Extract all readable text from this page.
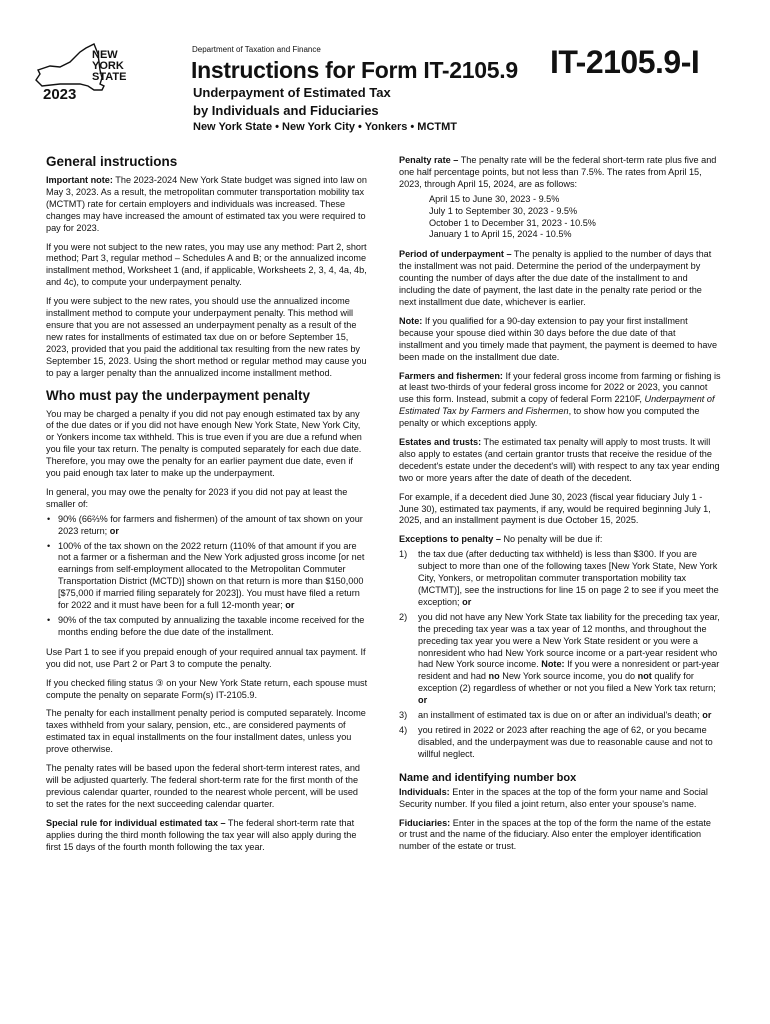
NEW
YORK
STATE
2023
Department of Taxation and Finance
Instructions for Form IT-2105.9 IT-2105.9-I
Underpayment of Estimated Tax
by Individuals and Fiduciaries
New York State • New York City • Yonkers • MCTMT
General instructions

Important note: The 2023-2024 New York State budget was signed into law on May 3, 2023. As a result, the metropolitan commuter transportation mobility tax (MCTMT) rate for certain employers and individuals was increased. These changes may have increased the amount of estimated tax you were required to pay for 2023.

If you were not subject to the new rates, you may use any method: Part 2, short method; Part 3, regular method – Schedules A and B; or the annualized income installment method, Worksheet 1 (and, if applicable, Worksheets 2, 3, 4, 4a, 4b, and 4c), to compute your underpayment penalty.

If you were subject to the new rates, you should use the annualized income installment method to compute your underpayment penalty. This method will ensure that you are not assessed an underpayment penalty as a result of the new rates for installments of estimated tax due on or before September 15, 2023, provided that you paid the additional tax resulting from the new rates by September 15, 2023. Using the short method or regular method may cause you to pay a larger penalty than the annualized income installment method.

Who must pay the underpayment penalty

You may be charged a penalty if you did not pay enough estimated tax by any of the due dates or if you did not have enough New York State, New York City, or Yonkers income tax withheld. This is true even if you are due a refund when you file your tax return. The penalty is computed separately for each due date. Therefore, you may owe the penalty for an earlier payment due date, even if you paid enough tax later to make up the underpayment.

In general, you may owe the penalty for 2023 if you did not pay at least the smaller of:

• 90% (66⅔% for farmers and fishermen) of the amount of tax shown on your 2023 return; or
• 100% of the tax shown on the 2022 return (110% of that amount if you are not a farmer or a fisherman and the New York adjusted gross income [or net earnings from self-employment allocated to the Metropolitan Commuter Transportation District (MCTD)] shown on that return is more than $150,000 [$75,000 if married filing separately for 2023]). You must have filed a return for 2022 and it must have been for a full 12-month year; or
• 90% of the tax computed by annualizing the taxable income received for the months ending before the due date of the installment.

Use Part 1 to see if you prepaid enough of your required annual tax payment. If you did not, use Part 2 or Part 3 to compute the penalty.

If you checked filing status ③ on your New York State return, each spouse must compute the penalty on separate Form(s) IT-2105.9.

The penalty for each installment penalty period is computed separately. Income taxes withheld from your salary, pension, etc., are considered payments of estimated tax in equal installments on the four installment dates, unless you prove otherwise.

The penalty rates will be based upon the federal short-term interest rates, and will be adjusted quarterly. The federal short-term rate for the first month of the previous calendar quarter, rounded to the nearest whole percent, will be used to set the rates for the next succeeding calendar quarter.

Special rule for individual estimated tax – The federal short-term rate that applies during the third month following the tax year will also apply during the first 15 days of the fourth month following the tax year.

Penalty rate – The penalty rate will be the federal short-term rate plus five and one half percentage points, but not less than 7.5%. The rates from April 15, 2023, through April 15, 2024, are as follows:

April 15 to June 30, 2023 - 9.5%
July 1 to September 30, 2023 - 9.5%
October 1 to December 31, 2023 - 10.5%
January 1 to April 15, 2024 - 10.5%

Period of underpayment – The penalty is applied to the number of days that the installment was not paid. Determine the period of the underpayment by counting the number of days after the due date of the installment to and including the date of payment, the last date in the penalty rate period or the next installment due date, whichever is earlier.

Note: If you qualified for a 90-day extension to pay your first installment because your spouse died within 30 days before the due date of that installment and you timely made that payment, the payment is deemed to have been made on the installment due date.

Farmers and fishermen: If your federal gross income from farming or fishing is at least two-thirds of your federal gross income for 2022 or 2023, you cannot use this form. Instead, submit a copy of federal Form 2210F, Underpayment of Estimated Tax by Farmers and Fishermen, to show how you computed the penalty or which exceptions apply.

Estates and trusts: The estimated tax penalty will apply to most trusts. It will also apply to estates (and certain grantor trusts that receive the residue of the decedent's estate under the decedent's will) with respect to any tax year ending two or more years after the date of death of the decedent.

For example, if a decedent died June 30, 2023 (fiscal year fiduciary July 1 - June 30), estimated tax payments, if any, would be required beginning July 1, 2025, and an installment payment is due October 15, 2025.

Exceptions to penalty – No penalty will be due if:

1) the tax due (after deducting tax withheld) is less than $300. If you are subject to more than one of the following taxes [New York State, New York City, Yonkers, or metropolitan commuter transportation mobility tax (MCTMT)], see the instructions for line 15 on page 2 to see if you meet the exception; or
2) you did not have any New York State tax liability for the preceding tax year, the preceding tax year was a tax year of 12 months, and throughout the preceding tax year you were a New York State resident or you were a nonresident who had New York source income or a part-year resident who had New York source income. Note: If you were a nonresident or part-year resident and had no New York source income, you do not qualify for exception (2) regardless of whether or not you filed a New York tax return; or
3) an installment of estimated tax is due on or after an individual's death; or
4) you retired in 2022 or 2023 after reaching the age of 62, or you became disabled, and the underpayment was due to reasonable cause and not to willful neglect.
Name and identifying number box

Individuals: Enter in the spaces at the top of the form your name and Social Security number. If you filed a joint return, also enter your spouse's name.

Fiduciaries: Enter in the spaces at the top of the form the name of the estate or trust and the name of the fiduciary. Also enter the employer identification number of the estate or trust.
